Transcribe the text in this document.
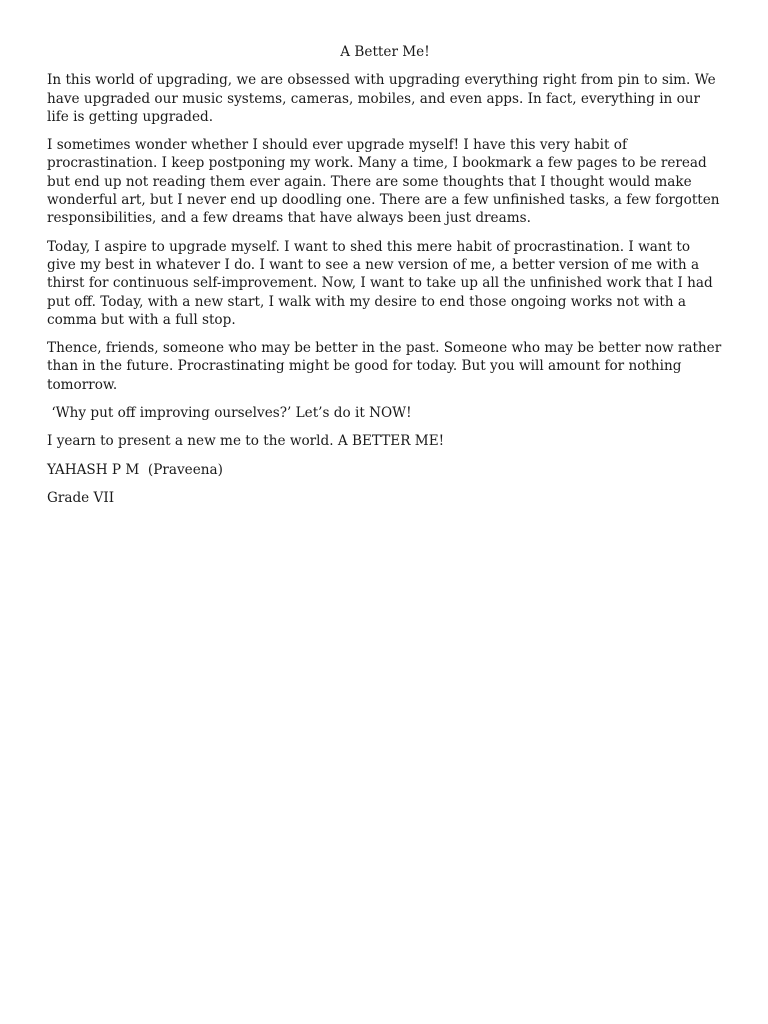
A Better Me!

In this world of upgrading, we are obsessed with upgrading everything right from pin to sim. We have upgraded our music systems, cameras, mobiles, and even apps. In fact, everything in our life is getting upgraded.

I sometimes wonder whether I should ever upgrade myself! I have this very habit of procrastination. I keep postponing my work. Many a time, I bookmark a few pages to be reread but end up not reading them ever again. There are some thoughts that I thought would make wonderful art, but I never end up doodling one. There are a few unfinished tasks, a few forgotten responsibilities, and a few dreams that have always been just dreams.

Today, I aspire to upgrade myself. I want to shed this mere habit of procrastination. I want to give my best in whatever I do. I want to see a new version of me, a better version of me with a thirst for continuous self-improvement. Now, I want to take up all the unfinished work that I had put off. Today, with a new start, I walk with my desire to end those ongoing works not with a comma but with a full stop.

Thence, friends, someone who may be better in the past. Someone who may be better now rather than in the future. Procrastinating might be good for today. But you will amount for nothing tomorrow.

‘Why put off improving ourselves?’ Let’s do it NOW!

I yearn to present a new me to the world. A BETTER ME!

YAHASH P M  (Praveena)

Grade VII
